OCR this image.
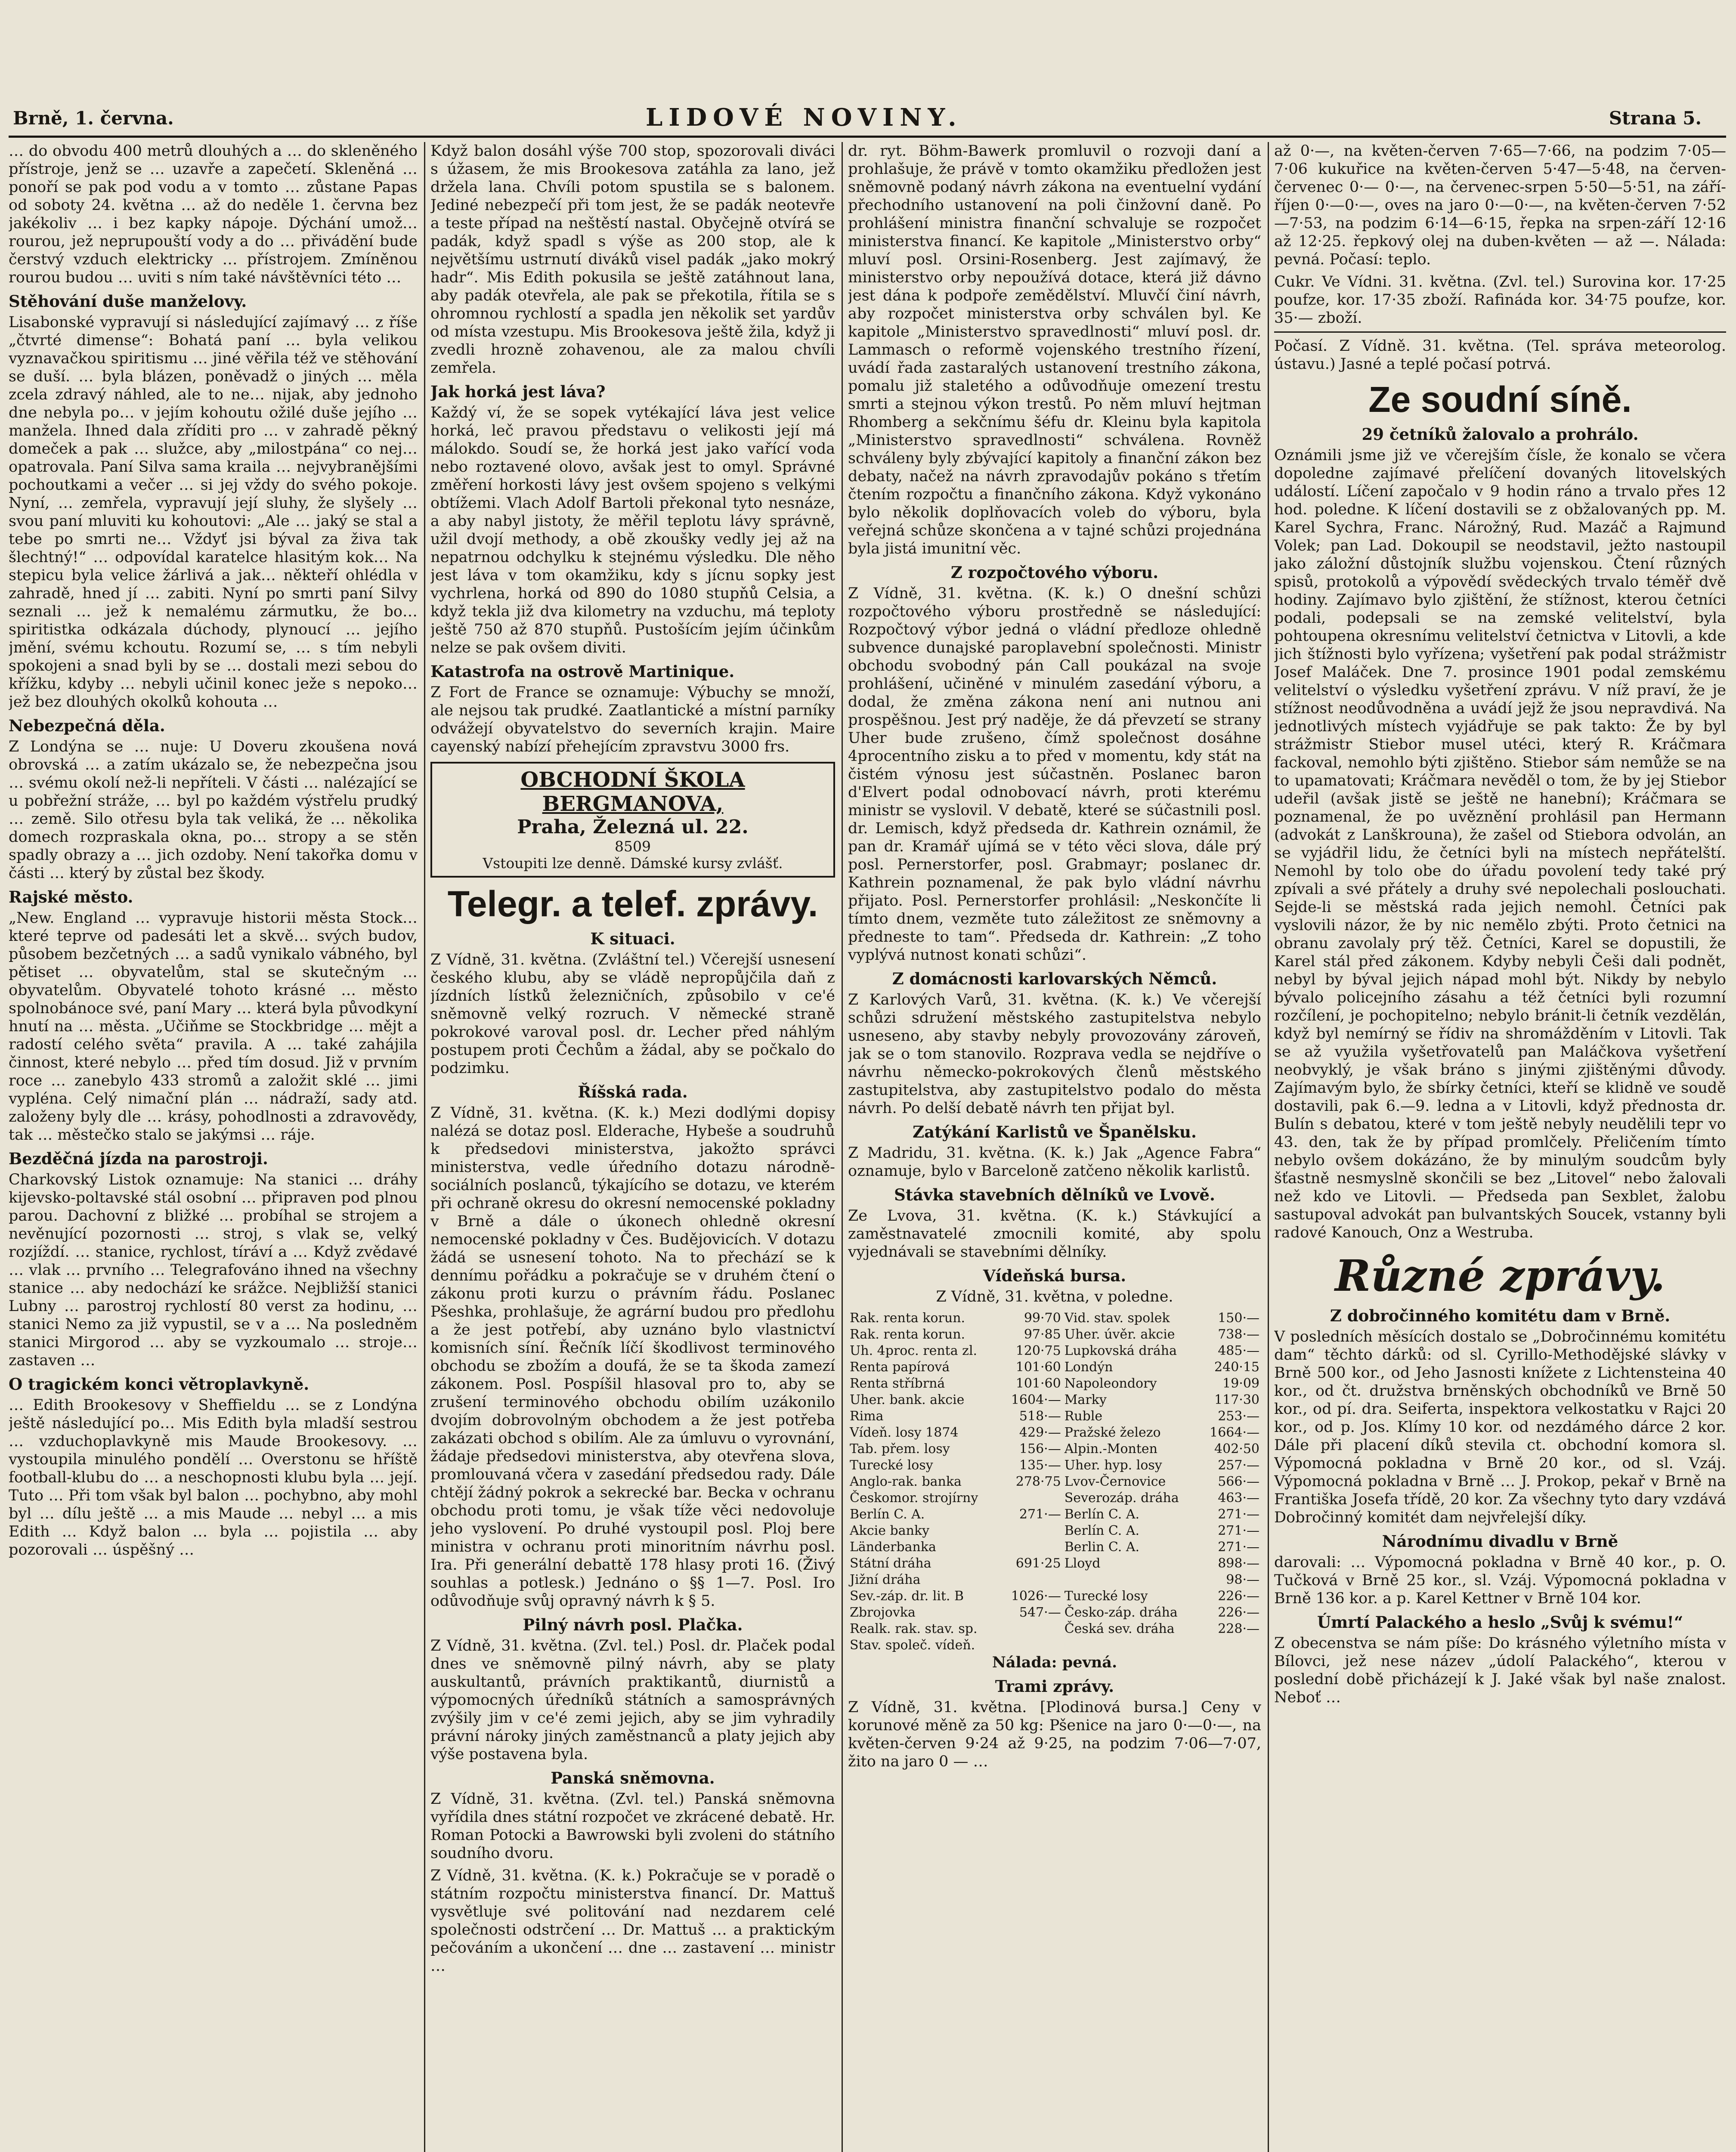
Brně, 1. června.	LIDOVÉ NOVINY.	Strana 5.

… do obvodu 400 metrů dlouhých a … do skleněného přístroje, jenž se … uzavře a zapečetí. Skleněná … ponoří se pak pod vodu a v tomto … zůstane Papas od soboty 24. května … až do neděle 1. června bez jakékoliv … i bez kapky nápoje. Dýchání umož… rourou, jež neprupouští vody a do … přivádění bude čerstvý vzduch elektricky … přístrojem. Zmíněnou rourou budou … uviti s ním také návštěvníci této …

Stěhování duše manželovy.

Lisabonské vypravují si následující zajímavý … z říše „čtvrté dimense“: Bohatá paní … byla velikou vyznavačkou spiritismu … jiné věřila též ve stěhování se duší. … byla blázen, poněvadž o jiných … měla zcela zdravý náhled, ale to ne… nijak, aby jednoho dne nebyla po… v jejím kohoutu ožilé duše jejího … manžela. Ihned dala zříditi pro … v zahradě pěkný domeček a pak … služce, aby „milostpána“ co nej… opatrovala. Paní Silva sama kraila … nejvybranějšími pochoutkami a večer … si jej vždy do svého pokoje. Nyní, … zemřela, vypravují její sluhy, že slyšely … svou paní mluviti ku kohoutovi: „Ale … jaký se stal a tebe po smrti ne… Vždyť jsi býval za živa tak šlechtný!“ … odpovídal karatelce hlasitým kok… Na stepicu byla velice žárlivá a jak… někteří ohlédla v zahradě, hned jí … zabiti. Nyní po smrti paní Silvy seznali … jež k nemalému zármutku, že bo… spiritistka odkázala dúchody, plynoucí … jejího jmění, svému kchoutu. Rozumí se, … s tím nebyli spokojeni a snad byli by se … dostali mezi sebou do křížku, kdyby … nebyli učinil konec ježe s nepoko… jež bez dlouhých okolků kohouta …

Nebezpečná děla.

Z Londýna se … nuje: U Doveru zkoušena nová obrovská … a zatím ukázalo se, že nebezpečna jsou … svému okolí než-li nepříteli. V části … nalézající se u pobřežní stráže, … byl po každém výstřelu prudký … země. Silo otřesu byla tak veliká, že … několika domech rozpraskala okna, po… stropy a se stěn spadly obrazy a … jich ozdoby. Není takořka domu v části … který by zůstal bez škody.

Rajské město.

„New. England … vypravuje historii města Stock… které teprve od padesáti let a skvě… svých budov, působem bezčetných … a sadů vynikalo vábného, byl pětiset … obyvatelům, stal se skutečným … obyvatelům. Obyvatelé tohoto krásné … město spolnobánoce své, paní Mary … která byla původkyní hnutí na … města. „Učiňme se Stockbridge … mějt a radostí celého světa“ pravila. A … také zahájila činnost, které nebylo … před tím dosud. Již v prvním roce … zanebylo 433 stromů a založit sklé … jimi vypléna. Celý nimační plán … nádraží, sady atd. založeny byly dle … krásy, pohodlnosti a zdravovědy, tak … městečko stalo se jakýmsi … ráje.

Bezděčná jízda na parostroji.

Charkovský Listok oznamuje: Na stanici … dráhy kijevsko-poltavské stál osobní … připraven pod plnou parou. Dachovní z bližké … probíhal se strojem a nevěnující pozornosti … stroj, s vlak se, velký rozjíždí. … stanice, rychlost, tíráví a … Když zvědavé … vlak … prvního … Telegrafováno ihned na všechny stanice … aby nedochází ke srážce. Nejbližší stanici Lubny … parostroj rychlostí 80 verst za hodinu, … stanici Nemo za již vypustil, se v a … Na posledněm stanici Mirgorod … aby se vyzkoumalo … stroje… zastaven …

O tragickém konci větroplavkyně.

… Edith Brookesovy v Sheffieldu … se z Londýna ještě následující po… Mis Edith byla mladší sestrou … vzduchoplavkyně mis Maude Brookesovy. … vystoupila minulého pondělí … Overstonu se hříště football-klubu do … a neschopnosti klubu byla … její. Tuto … Při tom však byl balon … pochybno, aby mohl byl … dílu ještě … a mis Maude … nebyl … a mis Edith … Když balon … byla … pojistila … aby pozorovali … úspěšný …

Když balon dosáhl výše 700 stop, spozorovali diváci s úžasem, že mis Brookesova zatáhla za lano, jež držela lana. Chvíli potom spustila se s balonem. Jediné nebezpečí při tom jest, že se padák neotevře a teste případ na neštěstí nastal. Obyčejně otvírá se padák, když spadl s výše as 200 stop, ale k největšímu ustrnutí diváků visel padák „jako mokrý hadr“. Mis Edith pokusila se ještě zatáhnout lana, aby padák otevřela, ale pak se překotila, řítila se s ohromnou rychlostí a spadla jen několik set yardův od místa vzestupu. Mis Brookesova ještě žila, když ji zvedli hrozně zohavenou, ale za malou chvíli zemřela.

Jak horká jest láva?

Každý ví, že se sopek vytékající láva jest velice horká, leč pravou představu o velikosti její má málokdo. Soudí se, že horká jest jako vařící voda nebo roztavené olovo, avšak jest to omyl. Správné změření horkosti lávy jest ovšem spojeno s velkými obtížemi. Vlach Adolf Bartoli překonal tyto nesnáze, a aby nabyl jistoty, že měřil teplotu lávy správně, užil dvojí methody, a obě zkoušky vedly jej až na nepatrnou odchylku k stejnému výsledku. Dle něho jest láva v tom okamžiku, kdy s jícnu sopky jest vychrlena, horká od 890 do 1080 stupňů Celsia, a když tekla již dva kilometry na vzduchu, má teploty ještě 750 až 870 stupňů. Pustošícím jejím účinkům nelze se pak ovšem diviti.

Katastrofa na ostrově Martinique.

Z Fort de France se oznamuje: Výbuchy se množí, ale nejsou tak prudké. Zaatlantické a místní parníky odvážejí obyvatelstvo do severních krajin. Maire cayenský nabízí přehejícím zpravstvu 3000 frs.

OBCHODNÍ ŠKOLA BERGMANOVA,
Praha, Železná ul. 22.
8509
Vstoupiti lze denně. Dámské kursy zvlášť.
Telegr. a telef. zprávy.
K situaci.

Z Vídně, 31. května. (Zvláštní tel.) Včerejší usnesení českého klubu, aby se vládě nepropůjčila daň z jízdních lístků železničních, způsobilo v ce'é sněmovně velký rozruch. V německé straně pokrokové varoval posl. dr. Lecher před náhlým postupem proti Čechům a žádal, aby se počkalo do podzimku.

Říšská rada.

Z Vídně, 31. května. (K. k.) Mezi dodlými dopisy nalézá se dotaz posl. Elderache, Hybeše a soudruhů k předsedovi ministerstva, jakožto správci ministerstva, vedle úředního dotazu národně-sociálních poslanců, týkajícího se dotazu, ve kterém při ochraně okresu do okresní nemocenské pokladny v Brně a dále o úkonech ohledně okresní nemocenské pokladny v Čes. Budějovicích. V dotazu žádá se usnesení tohoto. Na to přechází se k dennímu pořádku a pokračuje se v druhém čtení o zákonu proti kurzu o právním řádu. Poslanec Pšeshka, prohlašuje, že agrární budou pro předlohu a že jest potřebí, aby uznáno bylo vlastnictví komisních síní. Řečník líčí škodlivost terminového obchodu se zbožím a doufá, že se ta škoda zamezí zákonem. Posl. Pospíšil hlasoval pro to, aby se zrušení terminového obchodu obilím uzákonilo dvojím dobrovolným obchodem a že jest potřeba zakázati obchod s obilím. Ale za úmluvu o vyrovnání, žádaje předsedovi ministerstva, aby otevřena slova, promlouvaná včera v zasedání předsedou rady. Dále chtějí žádný pokrok a sekrecké bar. Becka v ochranu obchodu proti tomu, je však tíže věci nedovoluje jeho vyslovení. Po druhé vystoupil posl. Ploj bere ministra v ochranu proti minoritním návrhu posl. Ira. Při generální debattě 178 hlasy proti 16. (Živý souhlas a potlesk.) Jednáno o §§ 1—7. Posl. Iro odůvodňuje svůj opravný návrh k § 5.

Pilný návrh posl. Plačka.

Z Vídně, 31. května. (Zvl. tel.) Posl. dr. Plaček podal dnes ve sněmovně pilný návrh, aby se platy auskultantů, právních praktikantů, diurnistů a výpomocných úředníků státních a samosprávných zvýšily jim v ce'é zemi jejich, aby se jim vyhradily právní nároky jiných zaměstnanců a platy jejich aby výše postavena byla.

Panská sněmovna.

Z Vídně, 31. května. (Zvl. tel.) Panská sněmovna vyřídila dnes státní rozpočet ve zkrácené debatě. Hr. Roman Potocki a Bawrowski byli zvoleni do státního soudního dvoru.

Z Vídně, 31. května. (K. k.) Pokračuje se v poradě o státním rozpočtu ministerstva financí. Dr. Mattuš vysvětluje své politování nad nezdarem celé společnosti odstrčení … Dr. Mattuš … a praktickým pečováním a ukončení … dne … zastavení … ministr …

dr. ryt. Böhm-Bawerk promluvil o rozvoji daní a prohlašuje, že právě v tomto okamžiku předložen jest sněmovně podaný návrh zákona na eventuelní vydání přechodního ustanovení na poli činžovní daně. Po prohlášení ministra finanční schvaluje se rozpočet ministerstva financí. Ke kapitole „Ministerstvo orby“ mluví posl. Orsini-Rosenberg. Jest zajímavý, že ministerstvo orby nepoužívá dotace, která již dávno jest dána k podpoře zemědělství. Mluvčí činí návrh, aby rozpočet ministerstva orby schválen byl. Ke kapitole „Ministerstvo spravedlnosti“ mluví posl. dr. Lammasch o reformě vojenského trestního řízení, uvádí řada zastaralých ustanovení trestního zákona, pomalu již staletého a odůvodňuje omezení trestu smrti a stejnou výkon trestů. Po něm mluví hejtman Rhomberg a sekčnímu šéfu dr. Kleinu byla kapitola „Ministerstvo spravedlnosti“ schválena. Rovněž schváleny byly zbývající kapitoly a finanční zákon bez debaty, načež na návrh zpravodajův pokáno s třetím čtením rozpočtu a finančního zákona. Když vykonáno bylo několik doplňovacích voleb do výboru, byla veřejná schůze skončena a v tajné schůzi projednána byla jistá imunitní věc.

Z rozpočtového výboru.

Z Vídně, 31. května. (K. k.) O dnešní schůzi rozpočtového výboru prostředně se následující: Rozpočtový výbor jedná o vládní předloze ohledně subvence dunajské paroplavební společnosti. Ministr obchodu svobodný pán Call poukázal na svoje prohlášení, učiněné v minulém zasedání výboru, a dodal, že změna zákona není ani nutnou ani prospěšnou. Jest prý naděje, že dá převzetí se strany Uher bude zrušeno, čímž společnost dosáhne 4procentního zisku a to před v momentu, kdy stát na čistém výnosu jest súčastněn. Poslanec baron d'Elvert podal odnobovací návrh, proti kterému ministr se vyslovil. V debatě, které se súčastnili posl. dr. Lemisch, když předseda dr. Kathrein oznámil, že pan dr. Kramář ujímá se v této věci slova, dále prý posl. Pernerstorfer, posl. Grabmayr; poslanec dr. Kathrein poznamenal, že pak bylo vládní návrhu přijato. Posl. Pernerstorfer prohlásil: „Neskončíte li tímto dnem, vezměte tuto záležitost ze sněmovny a předneste to tam“. Předseda dr. Kathrein: „Z toho vyplývá nutnost konati schůzi“.

Z domácnosti karlovarských Němců.

Z Karlových Varů, 31. května. (K. k.) Ve včerejší schůzi sdružení městského zastupitelstva nebylo usneseno, aby stavby nebyly provozovány zároveň, jak se o tom stanovilo. Rozprava vedla se nejdříve o návrhu německo-pokrokových členů městského zastupitelstva, aby zastupitelstvo podalo do města návrh. Po delší debatě návrh ten přijat byl.

Zatýkání Karlistů ve Španělsku.

Z Madridu, 31. května. (K. k.) Jak „Agence Fabra“ oznamuje, bylo v Barceloně zatčeno několik karlistů.

Stávka stavebních dělníků ve Lvově.

Ze Lvova, 31. května. (K. k.) Stávkující a zaměstnavatelé zmocnili komité, aby spolu vyjednávali se stavebními dělníky.

Vídeňská bursa.

Z Vídně, 31. května, v poledne.

Rak. renta korun.	99·70	Vid. stav. spolek	150·—
Rak. renta korun.	97·85	Uher. úvěr. akcie	738·—
Uh. 4proc. renta zl.	120·75	Lupkovská dráha	485·—
Renta papírová	101·60	Londýn	240·15
Renta stříbrná	101·60	Napoleondory	19·09
Uher. bank. akcie	1604·—	Marky	117·30
Rima	518·—	Ruble	253·—
Vídeň. losy 1874	429·—	Pražské železo	1664·—
Tab. přem. losy	156·—	Alpin.-Monten	402·50
Turecké losy	135·—	Uher. hyp. losy	257·—
Anglo-rak. banka	278·75	Lvov-Černovice	566·—
Českomor. strojírny		Severozáp. dráha	463·—
Berlín C. A.	271·—	Berlín C. A.	271·—
Akcie banky		Berlín C. A.	271·—
Länderbanka		Berlin C. A.	271·—
Státní dráha	691·25	Lloyd	898·—
Jižní dráha			98·—
Sev.-záp. dr. lit. B	1026·—	Turecké losy	226·—
Zbrojovka	547·—	Česko-záp. dráha	226·—
Realk. rak. stav. sp.		Česká sev. dráha	228·—
Stav. společ. vídeň.			
Nálada: pevná.
Trami zprávy.

Z Vídně, 31. května. [Plodinová bursa.] Ceny v korunové měně za 50 kg: Pšenice na jaro 0·—0·—, na květen-červen 9·24 až 9·25, na podzim 7·06—7·07, žito na jaro 0 — …

až 0·—, na květen-červen 7·65—7·66, na podzim 7·05—7·06 kukuřice na květen-červen 5·47—5·48, na červen-červenec 0·— 0·—, na červenec-srpen 5·50—5·51, na září-říjen 0·—0·—, oves na jaro 0·—0·—, na květen-červen 7·52—7·53, na podzim 6·14—6·15, řepka na srpen-září 12·16 až 12·25. řepkový olej na duben-květen — až —. Nálada: pevná. Počasí: teplo.

Cukr. Ve Vídni. 31. května. (Zvl. tel.) Surovina kor. 17·25 poufze, kor. 17·35 zboží. Rafináda kor. 34·75 poufze, kor. 35·— zboží.

Počasí. Z Vídně. 31. května. (Tel. správa meteorolog. ústavu.) Jasné a teplé počasí potrvá.

Ze soudní síně.
29 četníků žalovalo a prohrálo.

Oznámili jsme již ve včerejším čísle, že konalo se včera dopoledne zajímavé přelíčení dovaných litovelských událostí. Líčení započalo v 9 hodin ráno a trvalo přes 12 hod. poledne. K líčení dostavili se z obžalovaných pp. M. Karel Sychra, Franc. Nárožný, Rud. Mazáč a Rajmund Volek; pan Lad. Dokoupil se neodstavil, ježto nastoupil jako záložní důstojník službu vojenskou. Čtení různých spisů, protokolů a výpovědí svědeckých trvalo téměř dvě hodiny. Zajímavo bylo zjištění, že stížnost, kterou četníci podali, podepsali se na zemské velitelství, byla pohtoupena okresnímu velitelství četnictva v Litovli, a kde jich štížnosti bylo vyřízena; vyšetření pak podal strážmistr Josef Maláček. Dne 7. prosince 1901 podal zemskému velitelství o výsledku vyšetření zprávu. V níž praví, že je stížnost neodůvodněna a uvádí jejž že jsou nepravdivá. Na jednotlivých místech vyjádřuje se pak takto: Že by byl strážmistr Stiebor musel utéci, který R. Kráčmara fackoval, nemohlo býti zjištěno. Stiebor sám nemůže se na to upamatovati; Kráčmara nevěděl o tom, že by jej Stiebor udeřil (avšak jistě se ještě ne hanební); Kráčmara se poznamenal, že po uvěznění prohlásil pan Hermann (advokát z Lanškrouna), že zašel od Stiebora odvolán, an se vyjádřil lidu, že četníci byli na místech nepřátelští. Nemohl by tolo obe do úřadu povolení tedy také prý zpívali a své přátely a druhy své nepolechali poslouchati. Sejde-li se městská rada jejich nemohl. Četníci pak vyslovili názor, že by nic nemělo zbýti. Proto četnici na obranu zavolaly prý těž. Četníci, Karel se dopustili, že Karel stál před zákonem. Kdyby nebyli Češi dali podnět, nebyl by býval jejich nápad mohl být. Nikdy by nebylo bývalo policejního zásahu a též četníci byli rozumní rozčílení, je pochopitelno; nebylo bránit-li četník vezdělán, když byl nemírný se řídiv na shromážděním v Litovli. Tak se až využila vyšetřovatelů pan Maláčkova vyšetření neobvyklý, je však bráno s jinými zjištěnými důvody. Zajímavým bylo, že sbírky četníci, kteří se klidně ve soudě dostavili, pak 6.—9. ledna a v Litovli, když přednosta dr. Bulín s debatou, které v tom ještě nebyly neudělili tepr vo 43. den, tak že by případ promlčely. Přeličením tímto nebylo ovšem dokázáno, že by minulým soudcům byly šťastně nesmyslně skončili se bez „Litovel“ nebo žalovali než kdo ve Litovli. — Předseda pan Sexblet, žalobu sastupoval advokát pan bulvantských Soucek, vstanny byli radové Kanouch, Onz a Westruba.

Různé zprávy.
Z dobročinného komitétu dam v Brně.

V posledních měsících dostalo se „Dobročinnému komitétu dam“ těchto dárků: od sl. Cyrillo-Methodějské slávky v Brně 500 kor., od Jeho Jasnosti knížete z Lichtensteina 40 kor., od čt. družstva brněnských obchodníků ve Brně 50 kor., od pí. dra. Seiferta, inspektora velkostatku v Rajci 20 kor., od p. Jos. Klímy 10 kor. od nezdámého dárce 2 kor. Dále při placení díků stevila ct. obchodní komora sl. Výpomocná pokladna v Brně 20 kor., od sl. Vzáj. Výpomocná pokladna v Brně … J. Prokop, pekař v Brně na Františka Josefa třídě, 20 kor. Za všechny tyto dary vzdává Dobročinný komitét dam nejvřelejší díky.

Národnímu divadlu v Brně

darovali: … Výpomocná pokladna v Brně 40 kor., p. O. Tučková v Brně 25 kor., sl. Vzáj. Výpomocná pokladna v Brně 136 kor. a p. Karel Kettner v Brně 104 kor.

Úmrtí Palackého a heslo „Svůj k svému!“

Z obecenstva se nám píše: Do krásného výletního místa v Bílovci, jež nese název „údolí Palackého“, kterou v poslední době přicházejí k J. Jaké však byl naše znalost. Neboť …
